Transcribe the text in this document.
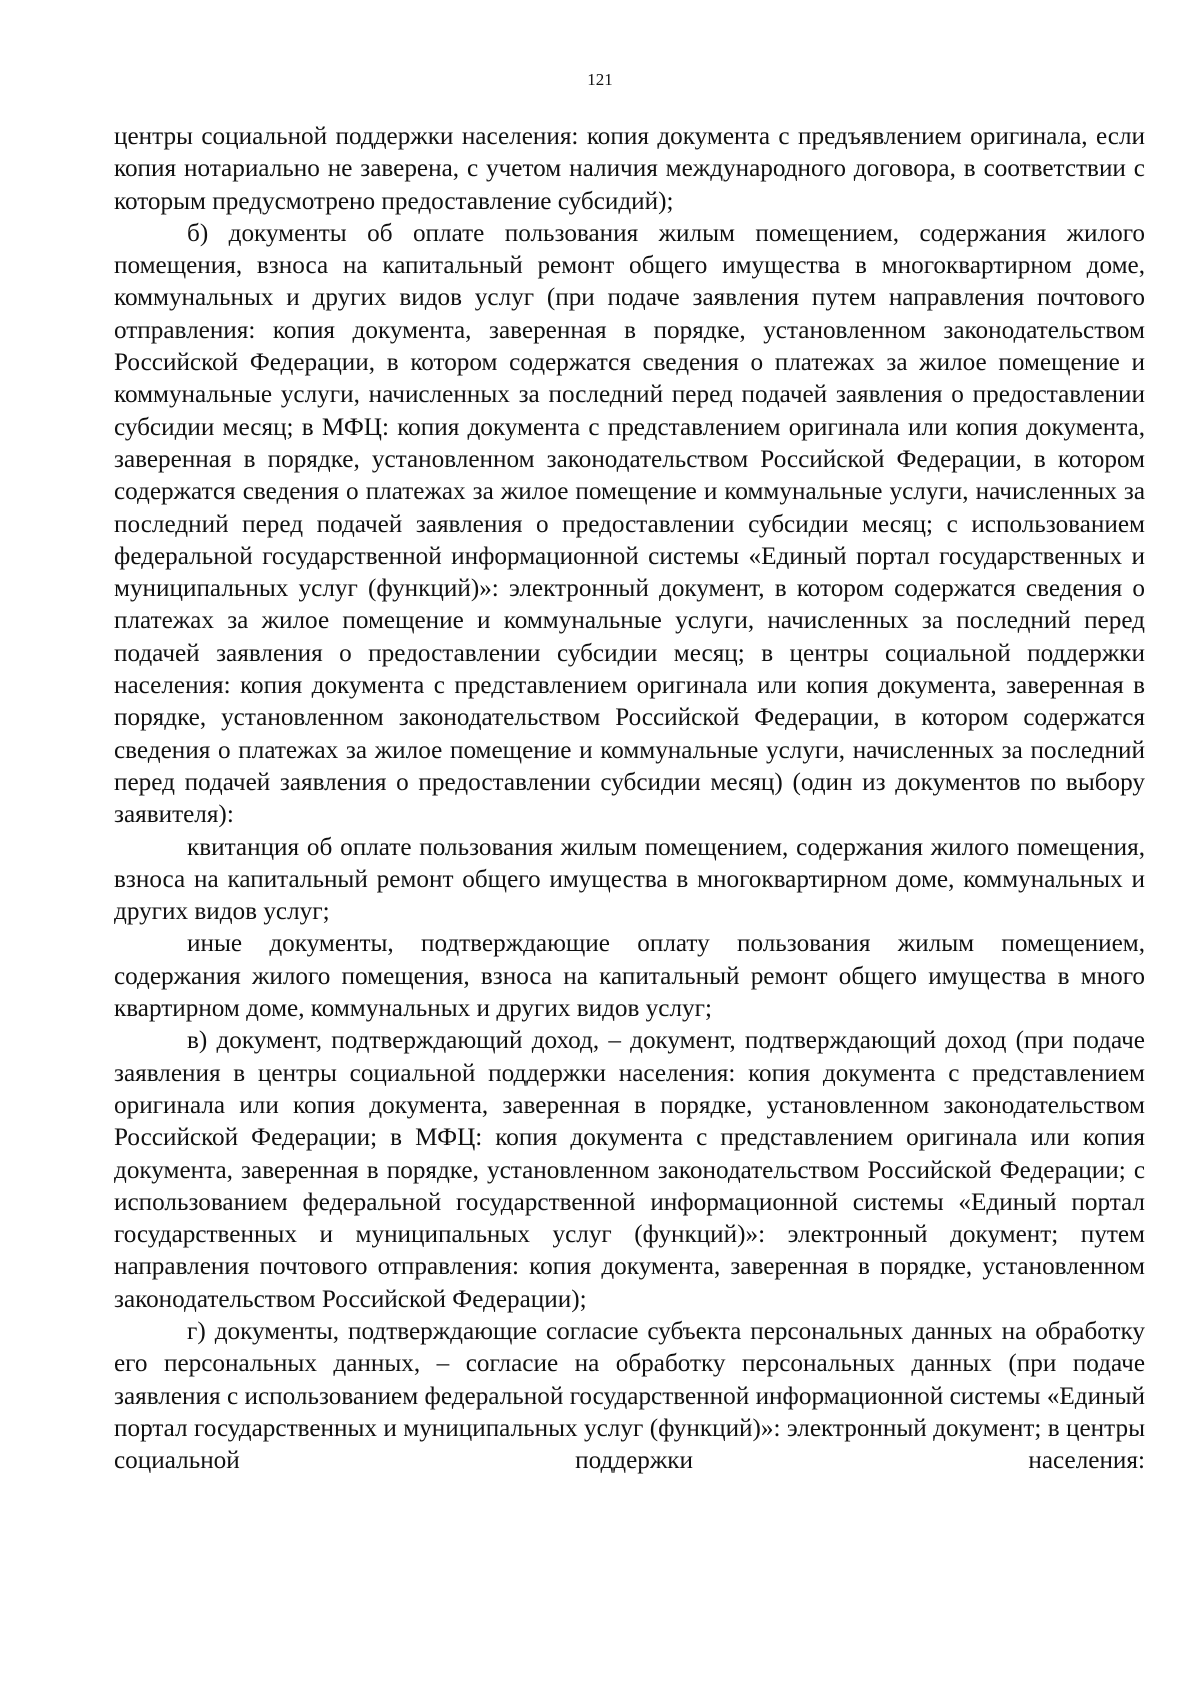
121

центры социальной поддержки населения: копия документа с предъявлением оригинала, если копия нотариально не заверена, с учетом наличия международного договора, в соответствии с которым предусмотрено предоставление субсидий);

б) документы об оплате пользования жилым помещением, содержания жилого помещения, взноса на капитальный ремонт общего имущества в многоквартирном доме, коммунальных и других видов услуг (при подаче заявления путем направления почтового отправления: копия документа, заверенная в порядке, установленном законодательством Российской Федерации, в котором содержатся сведения о платежах за жилое помещение и коммунальные услуги, начисленных за последний перед подачей заявления о предоставлении субсидии месяц; в МФЦ: копия документа с представлением оригинала или копия документа, заверенная в порядке, установленном законодательством Российской Федерации, в котором содержатся сведения о платежах за жилое помещение и коммунальные услуги, начисленных за последний перед подачей заявления о предоставлении субсидии месяц; с использованием федеральной государственной информационной системы «Единый портал государственных и муниципальных услуг (функций)»: электронный документ, в котором содержатся сведения о платежах за жилое помещение и коммунальные услуги, начисленных за последний перед подачей заявления о предоставлении субсидии месяц; в центры социальной поддержки населения: копия документа с представлением оригинала или копия документа, заверенная в порядке, установленном законодательством Российской Федерации, в котором содержатся сведения о платежах за жилое помещение и коммунальные услуги, начисленных за последний перед подачей заявления о предоставлении субсидии месяц) (один из документов по выбору заявителя):

квитанция об оплате пользования жилым помещением, содержания жилого помещения, взноса на капитальный ремонт общего имущества в многоквартирном доме, коммунальных и других видов услуг;

иные документы, подтверждающие оплату пользования жилым помещением, содержания жилого помещения, взноса на капитальный ремонт общего имущества в много квартирном доме, коммунальных и других видов услуг;

в) документ, подтверждающий доход, – документ, подтверждающий доход (при подаче заявления в центры социальной поддержки населения: копия документа с представлением оригинала или копия документа, заверенная в порядке, установленном законодательством Российской Федерации; в МФЦ: копия документа с представлением оригинала или копия документа, заверенная в порядке, установленном законодательством Российской Федерации; с использованием федеральной государственной информационной системы «Единый портал государственных и муниципальных услуг (функций)»: электронный документ; путем направления почтового отправления: копия документа, заверенная в порядке, установленном законодательством Российской Федерации);

г) документы, подтверждающие согласие субъекта персональных данных на обработку его персональных данных, – согласие на обработку персональных данных (при подаче заявления с использованием федеральной государственной информационной системы «Единый портал государственных и муниципальных услуг (функций)»: электронный документ; в центры социальной поддержки населения:
